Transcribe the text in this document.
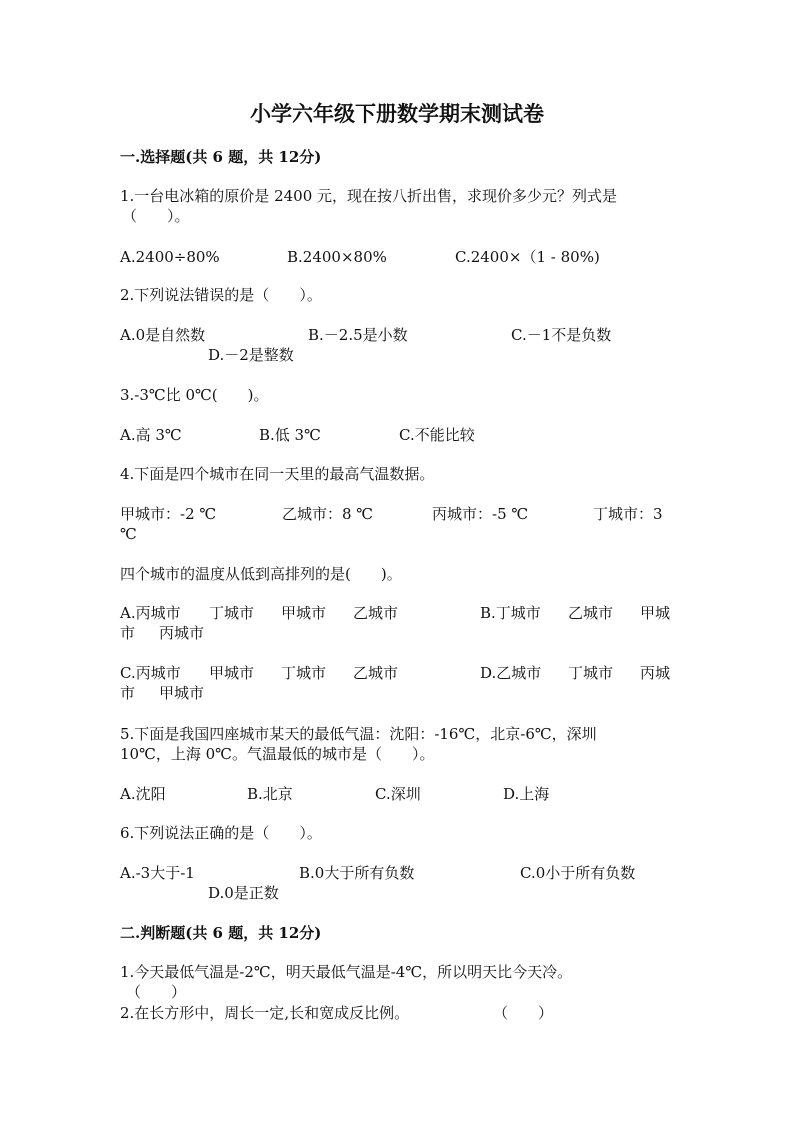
小学六年级下册数学期末测试卷
一.选择题(共 6 题，共 12分)
1.一台电冰箱的原价是 2400 元，现在按八折出售，求现价多少元？列式是
（　　）。
A.2400÷80%	B.2400×80%	C.2400×（1 - 80%)
2.下列说法错误的是（　　）。
A.0是自然数	B.－2.5是小数	C.－1不是负数
D.－2是整数
3.-3℃比 0℃(　　)。
A.高 3℃	B.低 3℃	C.不能比较
4.下面是四个城市在同一天里的最高气温数据。
甲城市：-2 ℃	乙城市：8 ℃	丙城市：-5 ℃	丁城市：3
℃
四个城市的温度从低到高排列的是(　　)。
A.丙城市 丁城市 甲城市 乙城市	B.丁城市 乙城市 甲城
市 丙城市
C.丙城市 甲城市 丁城市 乙城市	D.乙城市 丁城市 丙城
市 甲城市
5.下面是我国四座城市某天的最低气温：沈阳：-16℃，北京-6℃，深圳
10℃，上海 0℃。气温最低的城市是（　　）。
A.沈阳	B.北京	C.深圳	D.上海
6.下列说法正确的是（　　）。
A.-3大于-1	B.0大于所有负数	C.0小于所有负数
D.0是正数
二.判断题(共 6 题，共 12分)
1.今天最低气温是-2℃，明天最低气温是-4℃，所以明天比今天冷。
（　　）
2.在长方形中，周长一定,长和宽成反比例。	（　　）
